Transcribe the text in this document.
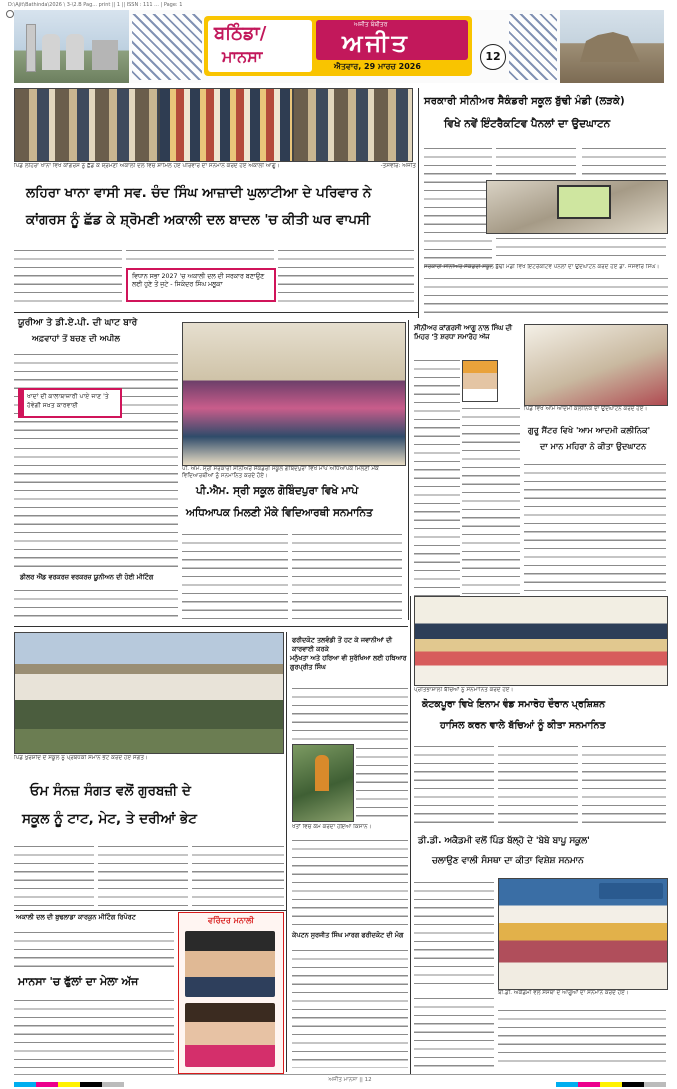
D:\Ajit\Bathinda\2026 \ 3-\2.B Pag... print || 1 || ISSN : 111 ... | Page: 1
ਬਠਿੰਡਾ/
ਮਾਨਸਾ
ਅਜੀਤ ਬੰਬੀਤਰ
ਅਜੀਤ
ਐਤਵਾਰ, 29 ਮਾਰਚ 2026
12
ਪਿੰਡ ਲਹਿਰਾ ਖਾਨਾ ਵਿਖੇ ਕਾਂਗਰਸ ਨੂੰ ਛੱਡ ਕੇ ਸ਼੍ਰੋਮਣੀ ਅਕਾਲੀ ਦਲ ਵਿਚ ਸ਼ਾਮਿਲ ਹੋਏ ਪਰਿਵਾਰ ਦਾ ਸਨਮਾਨ ਕਰਦੇ ਹੋਏ ਅਕਾਲੀ ਆਗੂ।	-ਤਸਵੀਰ: ਅਜੀਤ
ਲਹਿਰਾ ਖਾਨਾ ਵਾਸੀ ਸਵ. ਚੰਦ ਸਿੰਘ ਆਜ਼ਾਦੀ ਘੁਲਾਟੀਆ ਦੇ ਪਰਿਵਾਰ ਨੇ
ਕਾਂਗਰਸ ਨੂੰ ਛੱਡ ਕੇ ਸ਼੍ਰੋਮਣੀ ਅਕਾਲੀ ਦਲ ਬਾਦਲ 'ਚ ਕੀਤੀ ਘਰ ਵਾਪਸੀ
ਵਿਧਾਨ ਸਭਾ 2027 'ਚ ਅਕਾਲੀ ਦਲ ਦੀ ਸਰਕਾਰ ਬਣਾਉਣ ਲਈ ਹੁਣੇ ਤੋਂ ਜੁਟੇ - ਸਿਕੰਦਰ ਸਿੰਘ ਮਲੂਕਾ
ਸਰਕਾਰੀ ਸੀਨੀਅਰ ਸੈਕੰਡਰੀ ਸਕੂਲ ਬੁੱਢੀ ਮੰਡੀ (ਲੜਕੇ)
ਵਿਖੇ ਨਵੇਂ ਇੰਟਰੈਕਟਿਵ ਪੈਨਲਾਂ ਦਾ ਉਦਘਾਟਨ
ਸਰਕਾਰੀ ਸੀਨੀਅਰ ਸੈਕੰਡਰੀ ਸਕੂਲ ਬੁੱਢੀ ਮੰਡੀ ਵਿਖੇ ਇੰਟਰੈਕਟਿਵ ਪੈਨਲਾਂ ਦਾ ਉਦਘਾਟਨ ਕਰਦੇ ਹੋਏ ਡਾ. ਜਸਵੀਰ ਸਿੰਘ।
ਯੂਰੀਆ ਤੇ ਡੀ.ਏ.ਪੀ. ਦੀ ਘਾਟ ਬਾਰੇ
ਅਫ਼ਵਾਹਾਂ ਤੋਂ ਬਚਣ ਦੀ ਅਪੀਲ
ਖਾਦਾਂ ਦੀ ਕਾਲਾਬਾਜ਼ਾਰੀ ਪਾਏ ਜਾਣ 'ਤੇ ਹੋਵੇਗੀ ਸਖ਼ਤ ਕਾਰਵਾਈ
ਡੀਲਰ ਐਂਡ ਵਰਕਰਜ਼ ਵਰਕਰਜ਼ ਯੂਨੀਅਨ ਦੀ ਹੋਈ ਮੀਟਿੰਗ
ਪੀ. ਐਮ. ਸ੍ਰੀ ਸਰਕਾਰੀ ਸੀਨੀਅਰ ਸੈਕੰਡਰੀ ਸਕੂਲ ਗੋਬਿੰਦਪੁਰਾ ਵਿਖੇ ਮਾਪੇ ਅਧਿਆਪਕ ਮਿਲਣੀ ਮੌਕੇ ਵਿਦਿਆਰਥੀਆਂ ਨੂੰ ਸਨਮਾਨਿਤ ਕਰਦੇ ਹੋਏ।
ਪੀ.ਐਮ. ਸ੍ਰੀ ਸਕੂਲ ਗੋਬਿੰਦਪੁਰਾ ਵਿਖੇ ਮਾਪੇ
ਅਧਿਆਪਕ ਮਿਲਣੀ ਮੌਕੇ ਵਿਦਿਆਰਥੀ ਸਨਮਾਨਿਤ
ਸੀਨੀਅਰ ਕਾਂਗਰਸੀ ਆਗੂ ਨਾਲ ਸਿੰਘ ਦੀ ਮਿਹਰ 'ਤੇ ਸ਼ਰਧਾ ਸਮਾਰੋਹ ਅੱਜ
ਪਿੰਡ ਵਿਖੇ ਆਮ ਆਦਮੀ ਕਲੀਨਿਕ ਦਾ ਉਦਘਾਟਨ ਕਰਦੇ ਹੋਏ।
ਗੁਰੂ ਸੈਂਟਰ ਵਿਖੇ 'ਆਮ ਆਦਮੀ ਕਲੀਨਿਕ'
ਦਾ ਮਾਨ ਮਹਿਰਾ ਨੇ ਕੀਤਾ ਉਦਘਾਟਨ
ਪ੍ਰਤਿਭਾਸ਼ਾਲੀ ਬੱਚਿਆਂ ਨੂੰ ਸਨਮਾਨਿਤ ਕਰਦੇ ਹੋਏ।
ਕੋਟਕਪੂਰਾ ਵਿਖੇ ਇਨਾਮ ਵੰਡ ਸਮਾਰੋਹ ਦੌਰਾਨ ਪ੍ਰਸ਼ਿਸ਼ਨ
ਹਾਸਿਲ ਕਰਨ ਵਾਲੇ ਬੱਚਿਆਂ ਨੂੰ ਕੀਤਾ ਸਨਮਾਨਿਤ
ਪਿੰਡ ਖੁਰਸ਼ੀਦ ਦੇ ਸਕੂਲ ਨੂੰ ਪ੍ਰਬੰਧਕੀ ਸਮਾਨ ਭੇਟ ਕਰਦੇ ਹੋਏ ਸੰਗਤ।
ਓਮ ਸੰਨਜ਼ ਸੰਗਤ ਵਲੋਂ ਗੁਰਬਜ਼ੀ ਦੇ
ਸਕੂਲ ਨੂੰ ਟਾਟ, ਮੇਟ, ਤੇ ਦਰੀਆਂ ਭੇਟ
ਫਰੀਦਕੋਟ ਤਲਵੰਡੀ ਤੋਂ ਹਟ ਕੇ ਜਵਾਨੀਆਂ ਦੀ ਕਾਰਵਾਈ ਕਰਕੇ
ਮਨੁੱਖਤਾ ਅਤੇ ਹਰਿਆ ਵੀ ਸੁਰੱਖਿਆ ਲਈ ਹਥਿਆਰ ਗੁਰਪ੍ਰੀਤ ਸਿੰਘ
ਖੇਤਾਂ ਵਿਚ ਕੰਮ ਕਰਦਾ ਹੋਇਆ ਕਿਸਾਨ।
ਕੇਪਟਨ ਸੁਰਜੀਤ ਸਿੰਘ ਮਾਰਗ ਫਰੀਦਕੋਟ ਦੀ ਮੰਗ
ਡੀ.ਡੀ. ਅਕੈਡਮੀ ਵਲੋਂ ਪਿੰਡ ਬੱਲ੍ਹੋ ਦੇ 'ਬੇਬੇ ਬਾਪੂ ਸਕੂਲ'
ਚਲਾਉਣ ਵਾਲੀ ਸੰਸਥਾ ਦਾ ਕੀਤਾ ਵਿਸ਼ੇਸ਼ ਸਨਮਾਨ
ਬੀ.ਡੀ. ਅਕੈਡਮੀ ਵਲੋਂ ਸੰਸਥਾ ਦੇ ਆਗੂਆਂ ਦਾ ਸਨਮਾਨ ਕਰਦੇ ਹੋਏ।
ਅਕਾਲੀ ਦਲ ਦੀ ਬੁਢਲਾਡਾ ਕਾਰਕੁਨ ਮੀਟਿੰਗ ਰਿਪੋਰਟ
ਮਾਨਸਾ 'ਚ ਫੁੱਲਾਂ ਦਾ ਮੇਲਾ ਅੱਜ
ਵਰਿੰਦਰ ਮਨਾਲੀ
ਅਜੀਤ ਮਾਨਸਾ || 12
